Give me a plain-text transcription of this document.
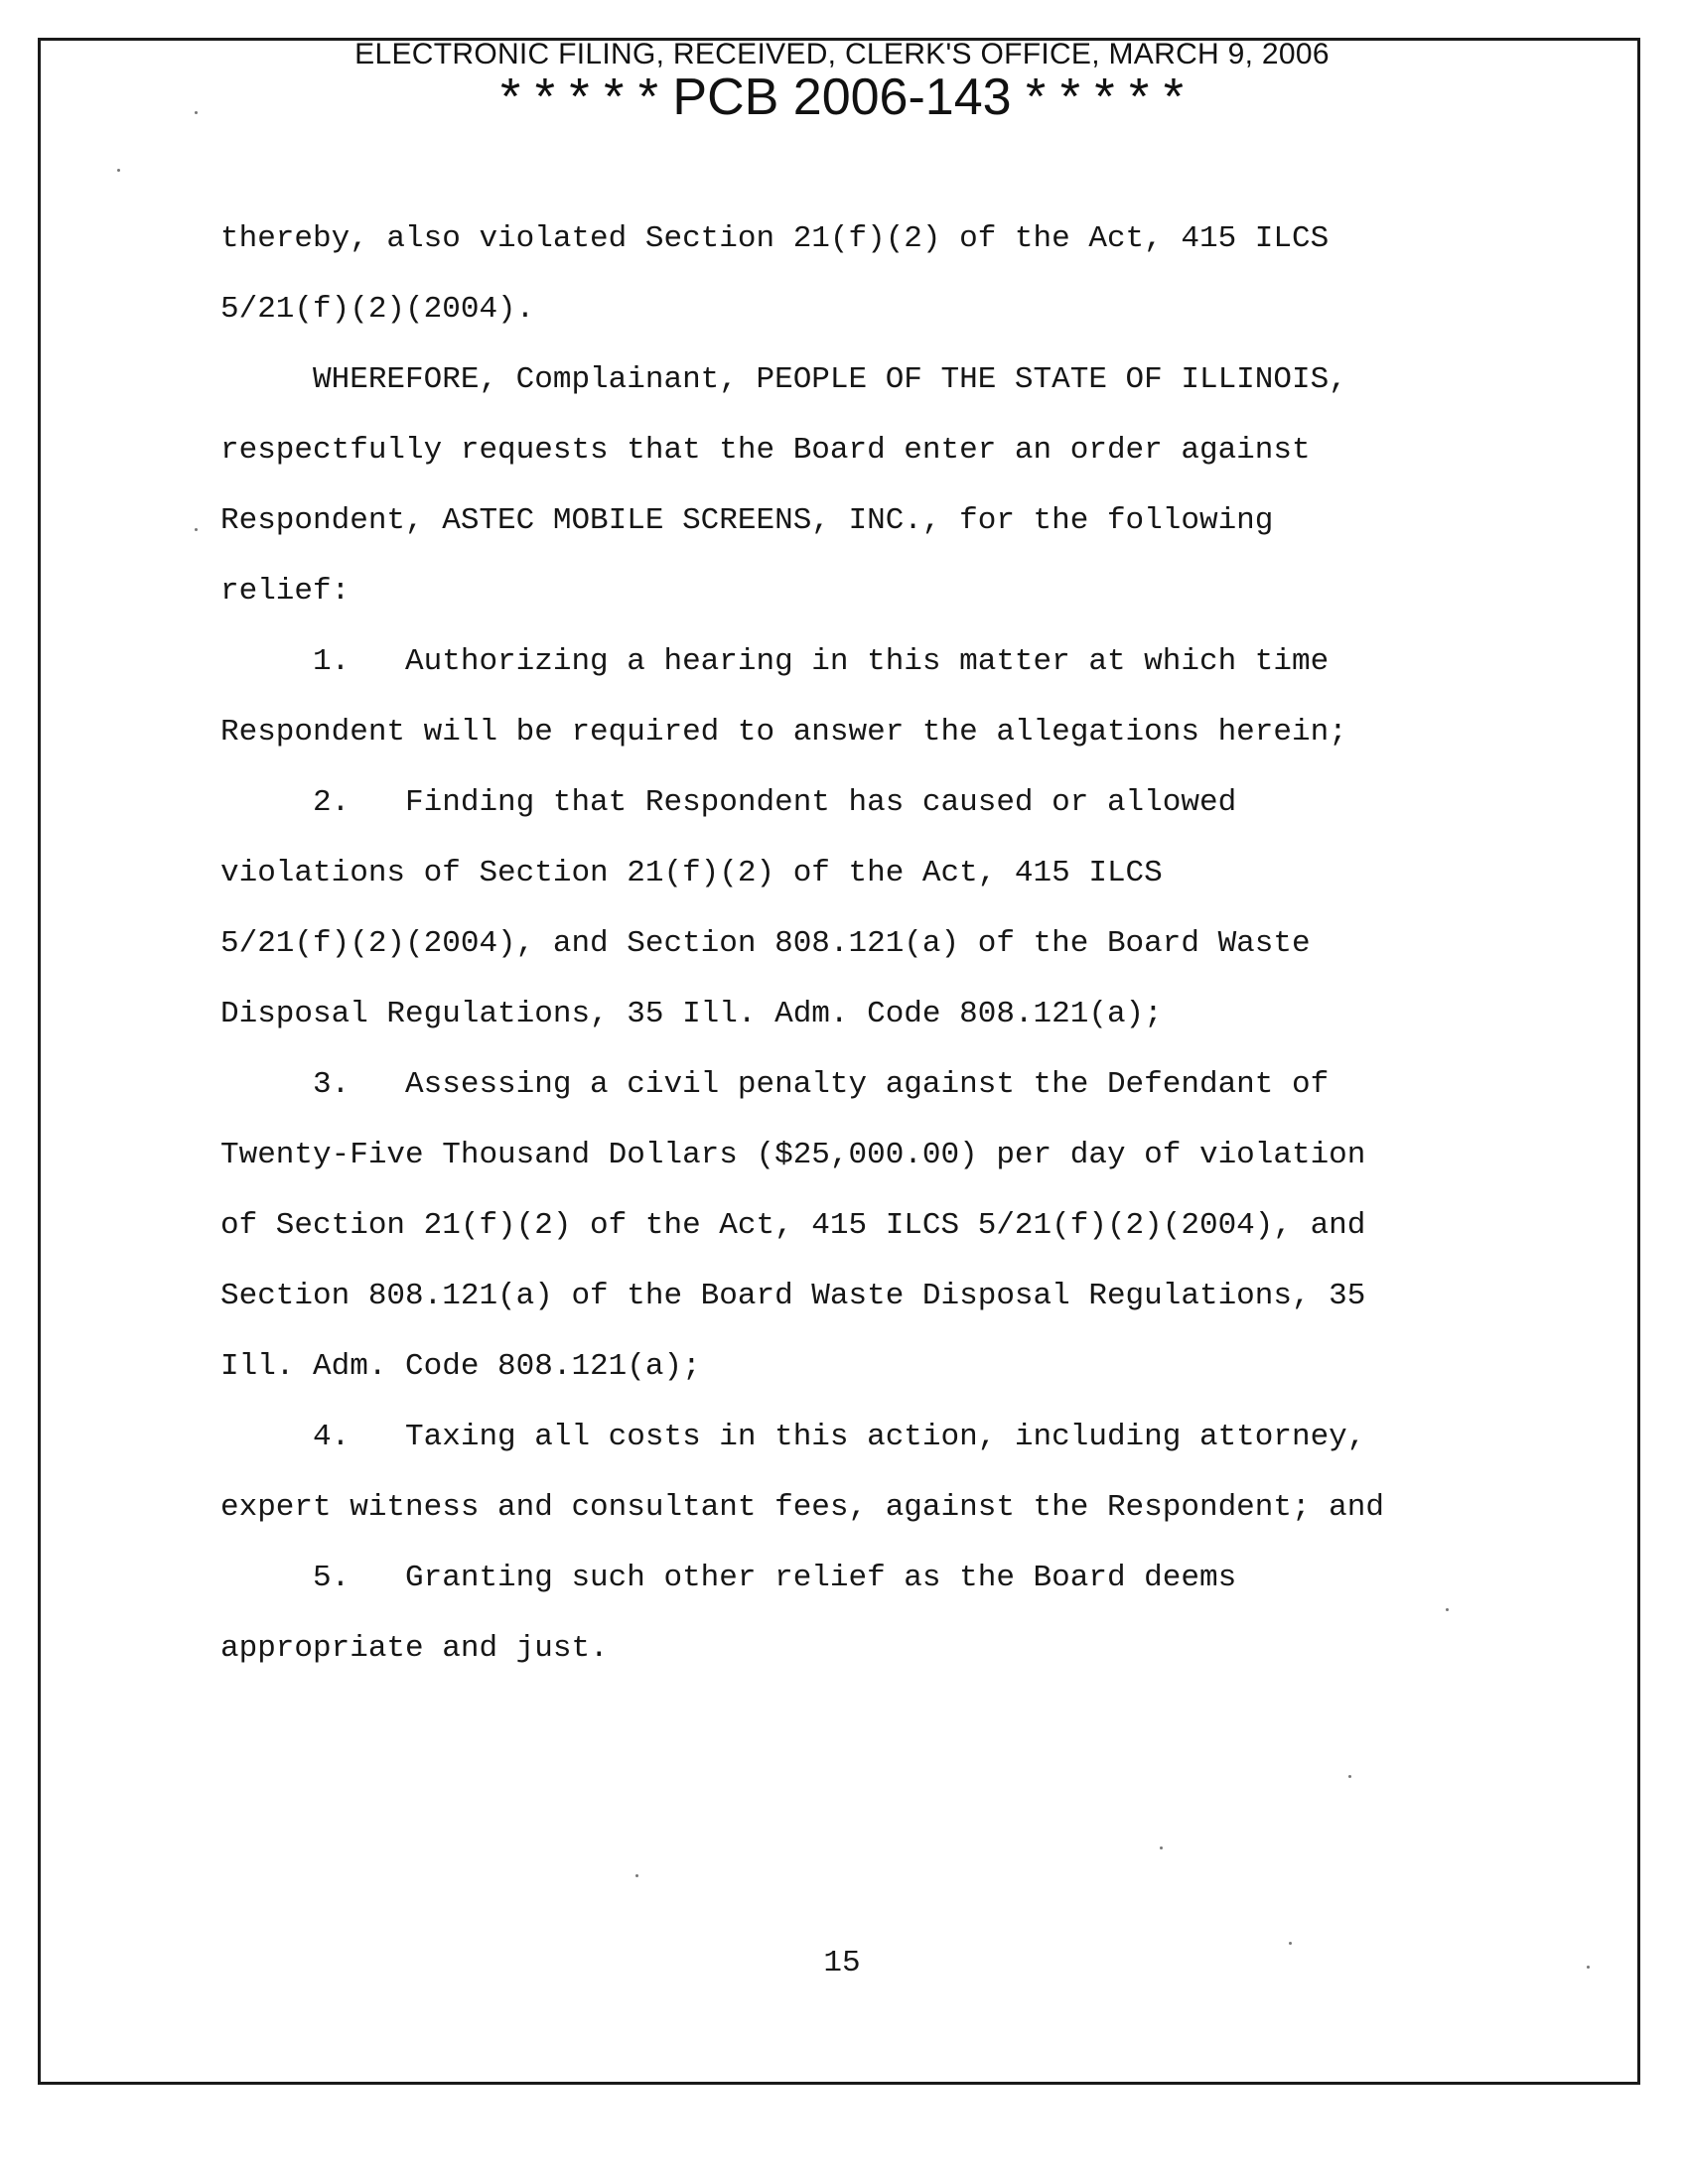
ELECTRONIC FILING, RECEIVED, CLERK'S OFFICE, MARCH 9, 2006
* * * * * PCB 2006-143 * * * * *
thereby, also violated Section 21(f)(2) of the Act, 415 ILCS
5/21(f)(2)(2004).
WHEREFORE, Complainant, PEOPLE OF THE STATE OF ILLINOIS,
respectfully requests that the Board enter an order against
Respondent, ASTEC MOBILE SCREENS, INC., for the following
relief:
1.   Authorizing a hearing in this matter at which time
Respondent will be required to answer the allegations herein;
2.   Finding that Respondent has caused or allowed
violations of Section 21(f)(2) of the Act, 415 ILCS
5/21(f)(2)(2004), and Section 808.121(a) of the Board Waste
Disposal Regulations, 35 Ill. Adm. Code 808.121(a);
3.   Assessing a civil penalty against the Defendant of
Twenty-Five Thousand Dollars ($25,000.00) per day of violation
of Section 21(f)(2) of the Act, 415 ILCS 5/21(f)(2)(2004), and
Section 808.121(a) of the Board Waste Disposal Regulations, 35
Ill. Adm. Code 808.121(a);
4.   Taxing all costs in this action, including attorney,
expert witness and consultant fees, against the Respondent; and
5.   Granting such other relief as the Board deems
appropriate and just.
15
